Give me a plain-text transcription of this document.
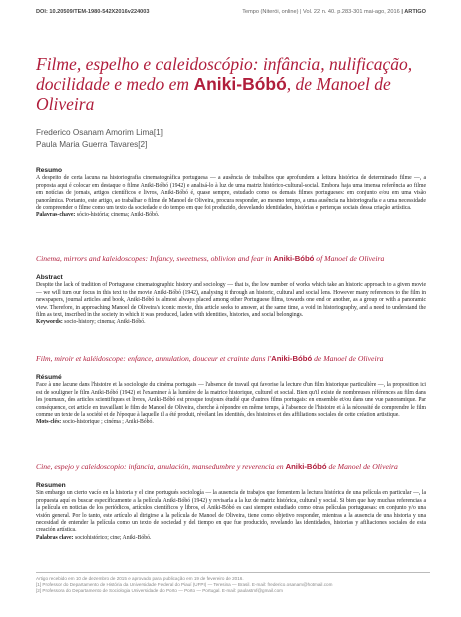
DOI: 10.20509/TEM-1980-542X2016v224003	Tempo (Niterói, online) | Vol. 22 n. 40. p.283-301 mai-ago, 2016 | ARTIGO
Filme, espelho e caleidoscópio: infância, nulificação, docilidade e medo em Aniki-Bóbó, de Manoel de Oliveira
Frederico Osanam Amorim Lima[1]
Paula Maria Guerra Tavares[2]
Resumo
A despeito de certa lacuna na historiografia cinematográfica portuguesa — a ausência de trabalhos que aprofundem a leitura histórica de determinado filme —, a proposta aqui é colocar em destaque o filme Aniki-Bóbó (1942) e analisá-lo à luz de uma matriz histórico-cultural-social. Embora haja uma imensa referência ao filme em notícias de jornais, artigos científicos e livros, Aniki-Bóbó é, quase sempre, estudado como os demais filmes portugueses: em conjunto e/ou em uma visão panorâmica. Portanto, este artigo, ao trabalhar o filme de Manoel de Oliveira, procura responder, ao mesmo tempo, a uma ausência na historiografia e a uma necessidade de compreender o filme como um texto da sociedade e do tempo em que foi produzido, desvelando identidades, histórias e pertenças sociais dessa criação artística.
Palavras-chave: sócio-história; cinema; Aniki-Bóbó.
Cinema, mirrors and kaleidoscopes: Infancy, sweetness, oblivion and fear in Aniki-Bóbó of Manoel de Oliveira
Abstract
Despite the lack of tradition of Portuguese cinematographic history and sociology — that is, the low number of works which take an historic approach to a given movie — we will turn our focus in this text to the movie Aniki-Bóbó (1942), analysing it through an historic, cultural and social lens. However many references to the film in newspapers, journal articles and book, Aniki-Bóbó is almost always placed among other Portuguese films, towards one end or another, as a group or with a panoramic view. Therefore, in approaching Manoel de Oliveira's iconic movie, this article seeks to answer, at the same time, a void in historiography, and a need to understand the film as text, inscribed in the society in which it was produced, laden with identities, histories, and social belongings.
Keywords: socio-history; cinema; Aniki-Bóbó.
Film, miroir et kaléidoscope: enfance, annulation, douceur et crainte dans l'Aniki-Bóbó de Manoel de Oliveira
Résumé
Face à une lacune dans l'histoire et la sociologie du cinéma portugais — l'absence de travail qui favorise la lecture d'un film historique particulière —, la proposition ici est de souligner le film Aniki-Bóbó (1942) et l'examiner à la lumière de la matrice historique, culturel et social. Bien qu'il existe de nombreuses références au film dans les journaux, des articles scientifiques et livres, Aniki-Bóbó est presque toujours étudié que d'autres films portugais: en ensemble et/ou dans une vue panoramique. Par conséquence, cet article en travaillant le film de Manoel de Oliveira, cherche à répondre en même temps, à l'absence de l'histoire et à la nécessité de comprendre le film comme un texte de la société et de l'époque à laquelle il a été produit, révélant les identités, des histoires et des affiliations sociales de cette création artistique.
Mots-clés: socio-historique ; cinéma ; Aniki-Bóbó.
Cine, espejo y caleidoscopio: infancia, anulación, mansedumbre y reverencia en Aniki-Bóbó de Manoel de Oliveira
Resumen
Sin embargo un cierto vacío en la historia y el cine portugués sociología — la ausencia de trabajos que fomentem la lectura histórica de una película en particular —, la propuesta aquí es buscar específicamente a la película Aniki-Bóbó (1942) y revisarla a la luz de matriz histórica, cultural y social. Si bien que hay muchas referencias a la película en noticias de los periódicos, artículos científicos y libros, el Aniki-Bóbó es casi siempre estudiado como otras películas portuguesas: en conjunto y/o una visión general. Por lo tanto, este artículo al dirigirse a la película de Manoel de Oliveira, tiene como objetivo responder, mientras a la ausencia de una historia y una necesidad de entender la película como un texto de sociedad y del tiempo en que fue producido, revelando las identidades, historias y afiliaciones sociales de esta creación artística.
Palabras clave: sociohistórico; cine; Aniki-Bóbó.
Artigo recebido em 10 de dezembro de 2015 e aprovado para publicação em 19 de fevereiro de 2016.
[1] Professor do Departamento de História da Universidade Federal do Piauí (UFPI) — Teresina — Brasil. E-mail: frederico.osanam@hotmail.com
[2] Professora do Departamento de Sociologia Universidade do Porto — Porto — Portugal. E-mail: paulastmf@gmail.com
